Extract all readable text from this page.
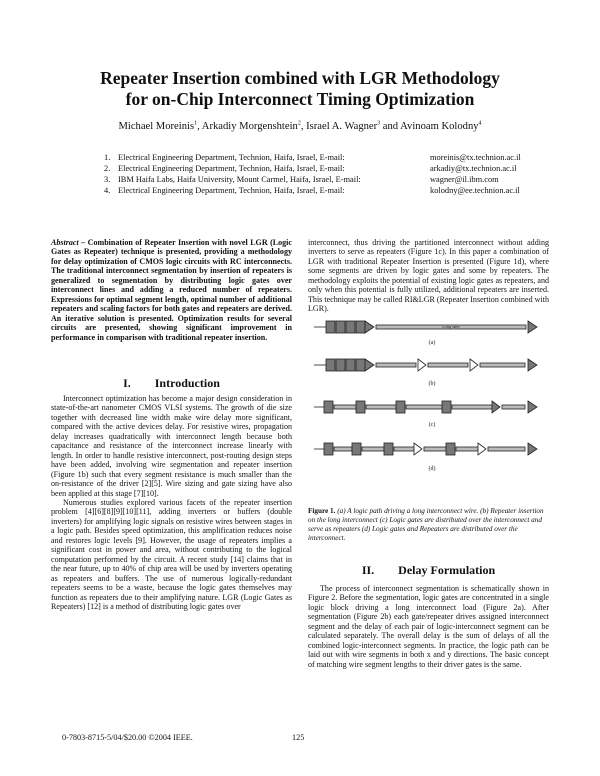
Repeater Insertion combined with LGR Methodology
for on-Chip Interconnect Timing Optimization
Michael Moreinis$^1$, Arkadiy Morgenshtein$^2$, Israel A. Wagner$^3$ and Avinoam Kolodny$^4$
1. Electrical Engineering Department, Technion, Haifa, Israel, E-mail:	moreinis@tx.technion.ac.il
2. Electrical Engineering Department, Technion, Haifa, Israel, E-mail:	arkadiy@tx.technion.ac.il
3. IBM Haifa Labs, Haifa University, Mount Carmel, Haifa, Israel, E-mail:	wagner@il.ibm.com
4. Electrical Engineering Department, Technion, Haifa, Israel, E-mail:	kolodny@ee.technion.ac.il
Abstract – Combination of Repeater Insertion with novel LGR (Logic Gates as Repeater) technique is presented, providing a methodology for delay optimization of CMOS logic circuits with RC interconnects. The traditional interconnect segmentation by insertion of repeaters is generalized to segmentation by distributing logic gates over interconnect lines and adding a reduced number of repeaters. Expressions for optimal segment length, optimal number of additional repeaters and scaling factors for both gates and repeaters are derived. An iterative solution is presented. Optimization results for several circuits are presented, showing significant improvement in performance in comparison with traditional repeater insertion.
I.        Introduction

Interconnect optimization has become a major design consideration in state-of-the-art nanometer CMOS VLSI systems. The growth of die size together with decreased line width make wire delay more significant, compared with the active devices delay. For resistive wires, propagation delay increases quadratically with interconnect length because both capacitance and resistance of the interconnect increase linearly with length. In order to handle resistive interconnect, post-routing design steps have been added, involving wire segmentation and repeater insertion (Figure 1b) such that every segment resistance is much smaller than the on-resistance of the driver [2][5]. Wire sizing and gate sizing have also been applied at this stage [7][10].

Numerous studies explored various facets of the repeater insertion problem [4][6][8][9][10][11], adding inverters or buffers (double inverters) for amplifying logic signals on resistive wires between stages in a logic path. Besides speed optimization, this amplification reduces noise and restores logic levels [9]. However, the usage of repeaters implies a significant cost in power and area, without contributing to the logical computation performed by the circuit. A recent study [14] claims that in the near future, up to 40% of chip area will be used by inverters operating as repeaters and buffers. The use of numerous logically-redundant repeaters seems to be a waste, because the logic gates themselves may function as repeaters due to their amplifying nature. LGR (Logic Gates as Repeaters) [12] is a method of distributing logic gates over

interconnect, thus driving the partitioned interconnect without adding inverters to serve as repeaters (Figure 1c). In this paper a combination of LGR with traditional Repeater Insertion is presented (Figure 1d), where some segments are driven by logic gates and some by repeaters. The methodology exploits the potential of existing logic gates as repeaters, and only when this potential is fully utilized, additional repeaters are inserted. This technique may be called RI&LGR (Repeater Insertion combined with LGR).
Long wire
(a)
(b)
(c)
(d)
Figure 1. (a) A logic path driving a long interconnect wire. (b) Repeater insertion on the long interconnect (c) Logic gates are distributed over the interconnect and serve as repeaters (d) Logic gates and Repeaters are distributed over the interconnect.
II.        Delay Formulation

The process of interconnect segmentation is schematically shown in Figure 2. Before the segmentation, logic gates are concentrated in a single logic block driving a long interconnect load (Figure 2a). After segmentation (Figure 2b) each gate/repeater drives assigned interconnect segment and the delay of each pair of logic-interconnect segment can be calculated separately. The overall delay is the sum of delays of all the combined logic-interconnect segments. In practice, the logic path can be laid out with wire segments in both x and y directions. The basic concept of matching wire segment lengths to their driver gates is the same.

0-7803-8715-5/04/$20.00 ©2004 IEEE.	125
